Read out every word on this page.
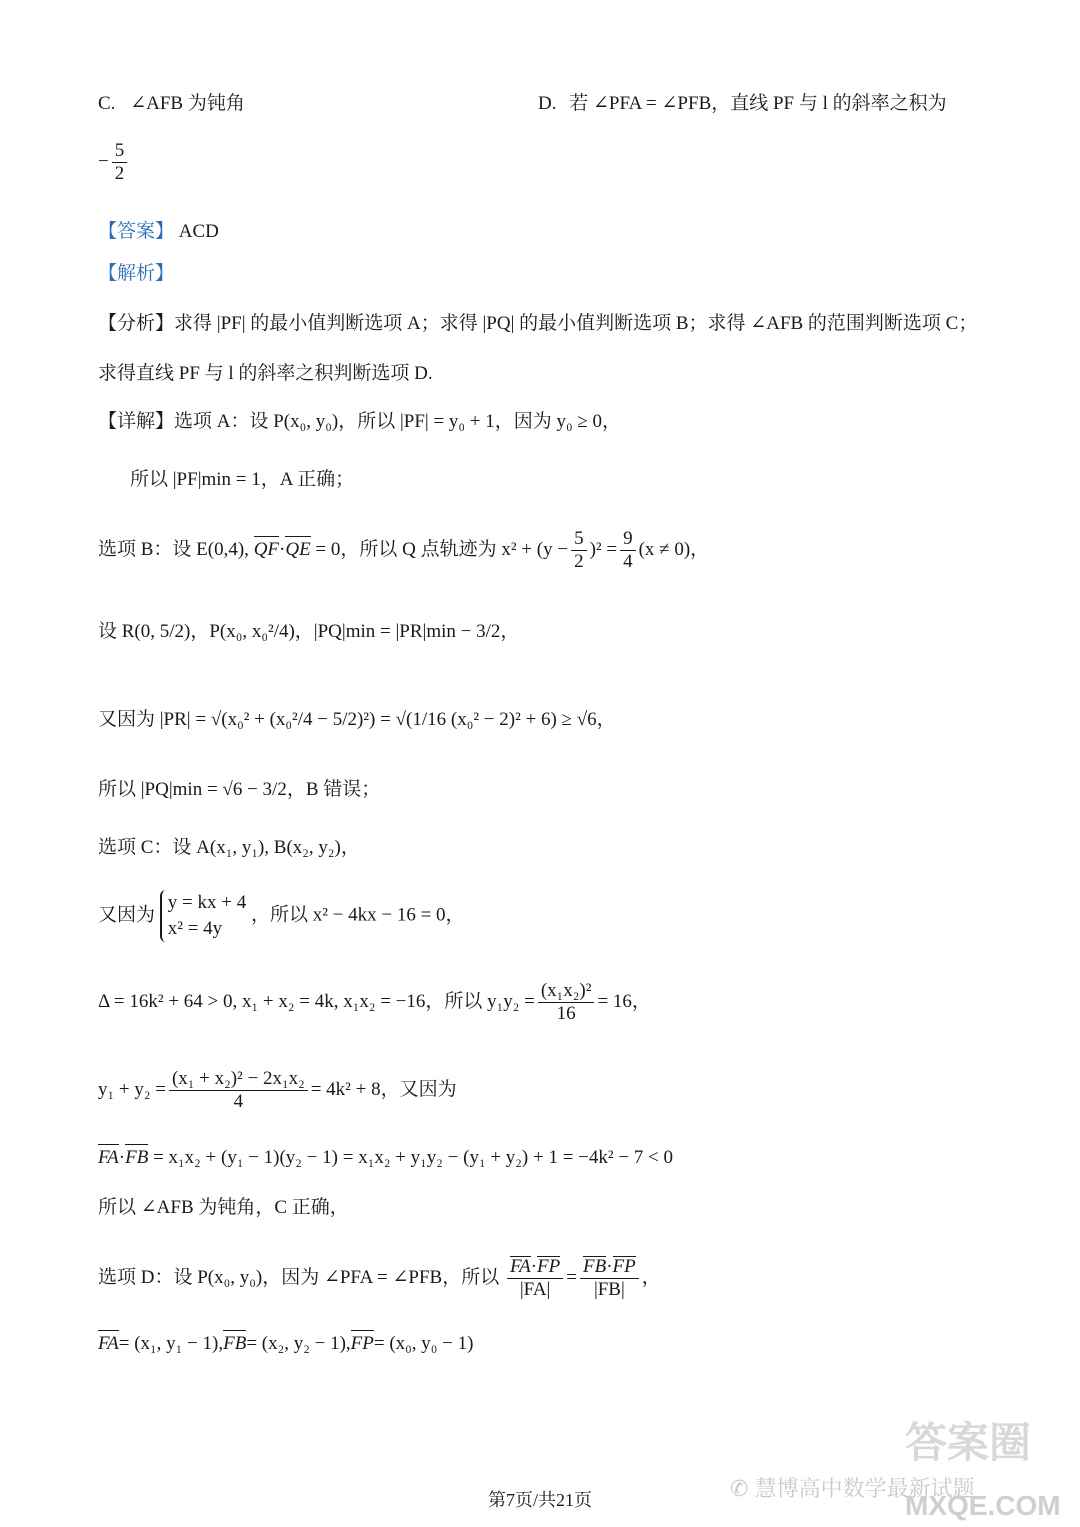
C. ∠AFB 为钝角	D. 若 ∠PFA = ∠PFB，直线 PF 与 l 的斜率之积为
− $\frac{5}{2}$
【答案】 ACD
【解析】
【分析】求得 |PF| 的最小值判断选项 A；求得 |PQ| 的最小值判断选项 B；求得 ∠AFB 的范围判断选项 C；
求得直线 PF 与 l 的斜率之积判断选项 D.
【详解】选项 A：设 P(x₀, y₀)，所以 |PF| = y₀ + 1，因为 y₀ ≥ 0，
所以 |PF|min = 1，A 正确；
选项 B：设 E(0,4), QF·QE = 0，所以 Q 点轨迹为 $x^2 + (y - \frac{5}{2} )^2 = \frac{9}{4} (x \ne 0)$，
设 R(0, 5/2)，P(x₀, x₀²/4)，|PQ|min = |PR|min − 3/2，
又因为 |PR| = √(x₀² + (x₀²/4 − 5/2)²) = √(1/16 (x₀² − 2)² + 6) ≥ √6，
所以 |PQ|min = √6 − 3/2，B 错误；
选项 C：设 A(x₁, y₁), B(x₂, y₂)，
又因为
y = kx + 4
x² = 4y
，所以 x² − 4kx − 16 = 0，
Δ = 16k² + 64 > 0, x₁ + x₂ = 4k, x₁x₂ = −16，所以 $y_1y_2 = \frac{\text{(x₁x₂)²}}{16} = 16$，
$y_1 + y_2 = \frac{\text{(x₁ + x₂)² − 2x₁x₂}}{4} = 4k^2 + 8$，又因为
FA·FB = x₁x₂ + (y₁ − 1)(y₂ − 1) = x₁x₂ + y₁y₂ − (y₁ + y₂) + 1 = −4k² − 7 < 0
所以 ∠AFB 为钝角，C 正确，
选项 D：设 P(x₀, y₀)，因为 ∠PFA = ∠PFB，所以 $\frac{FA\cdot FP}{|FA|} = \frac{FB\cdot FP}{|FB|}$ ，
FA= (x₁, y₁ − 1),FB= (x₂, y₂ − 1),FP= (x₀, y₀ − 1)
答案圈
✆ 慧博高中数学最新试题
MXQE.COM
第7页/共21页
